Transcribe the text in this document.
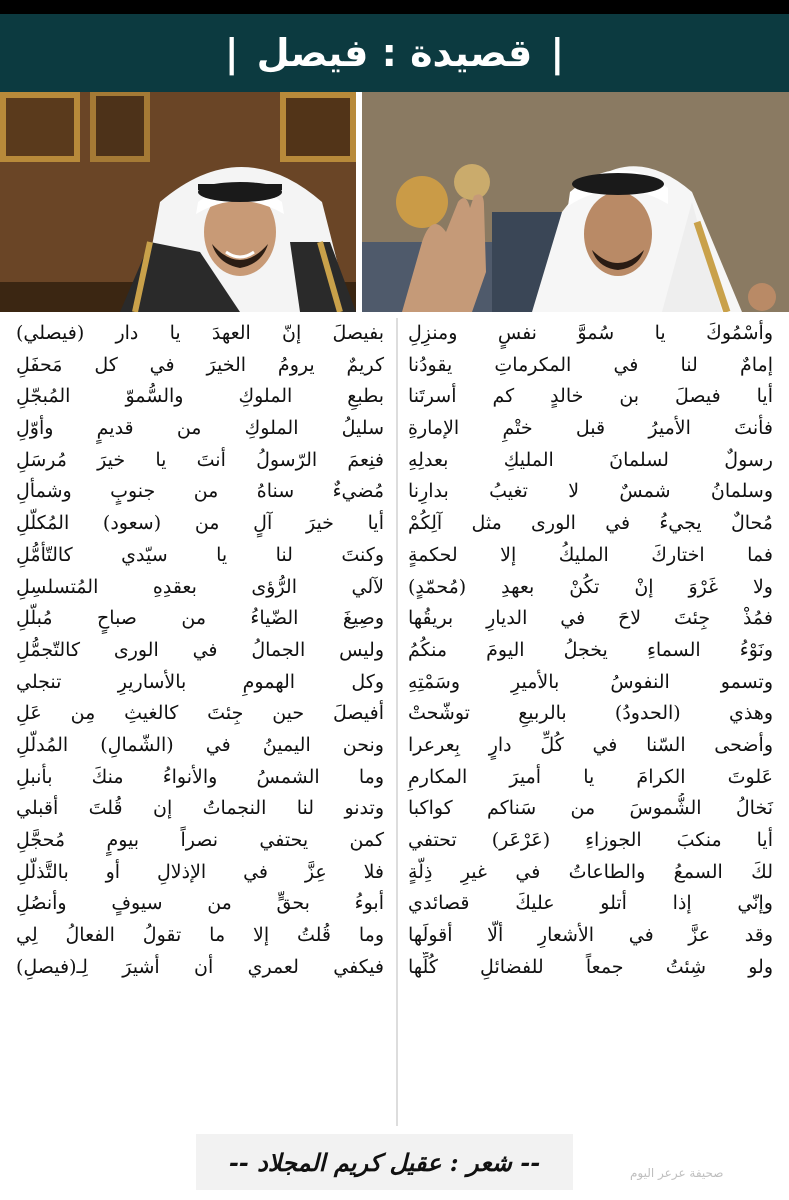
| قصيدة : فيصل |
بفيصلَ إنّ العهدَ يا دار (فيصلي)
كريمٌ يرومُ الخيرَ في كل مَحفَلِ
بطبعِ الملوكِ والسُّموّ المُبجّلِ
سليلُ الملوكِ من قديمٍ وأوّلِ
فنِعمَ الرّسولُ أنتَ يا خيرَ مُرسَلِ
مُضيءٌ سناهُ من جنوبٍ وشمألِ
أيا خيرَ آلٍ من (سعود) المُكلّلِ
وكنتَ لنا يا سيّدي كالتّأمُّلِ
لآلي الرُّؤى بعقدِهِ المُتسلسِلِ
وصِيغَ الضّياءُ من صباحٍ مُبلّلِ
وليس الجمالُ في الورى كالتّجمُّلِ
وكل الهمومِ بالأساريرِ تنجلي
أفيصلَ حين جِئتَ كالغيثِ مِن عَلِ
ونحن اليمينُ في (الشّمالِ) المُدلّلِ
وما الشمسُ والأنواءُ منكَ بأنبلِ
وتدنو لنا النجماتُ إن قُلتَ أقبلي
كمن يحتفي نصراً بيومٍ مُحجَّلِ
فلا عِزَّ في الإذلالِ أو بالتَّذلّلِ
أبوءُ بحقٍّ من سيوفٍ وأنصُلِ
وما قُلتُ إلا ما تقولُ الفعالُ لِي
فيكفي لعمري أن أشيرَ لِـ(فيصلِ)
وأسْمُوكَ يا سُموَّ نفسٍ ومنزِلِ
إمامٌ لنا في المكرماتِ يقودُنا
أيا فيصلَ بن خالدٍ كم أسرتَنا
فأنتَ الأميرُ قبل ختْمِ الإمارةِ
رسولٌ لسلمانَ المليكِ بعدلِهِ
وسلمانُ شمسٌ لا تغيبُ بدارِنا
مُحالٌ يجيءُ في الورى مثل آلِكُمْ
فما اختاركَ المليكُ إلا لحكمةٍ
ولا غَرْوَ إنْ تكُنْ بعهدِ (مُحمّدٍ)
فمُذْ جِئتَ لاحَ في الديارِ بريقُها
ونَوْءُ السماءِ يخجلُ اليومَ منكُمُ
وتسمو النفوسُ بالأميرِ وسَمْتِهِ
وهذي (الحدودُ) بالربيعِ توشّحتْ
وأضحى السّنا في كُلِّ دارٍ بِعرعرا
عَلوتَ الكرامَ يا أميرَ المكارمِ
نَخالُ الشُّموسَ من سَناكم كواكبا
أيا منكبَ الجوزاءِ (عَرْعَر) تحتفي
لكَ السمعُ والطاعاتُ في غيرِ ذِلّةٍ
وإنّي إذا أتلو عليكَ قصائدي
وقد عزَّ في الأشعارِ ألّا أقولَها
ولو شِئتُ جمعاً للفضائلِ كُلِّها
-- شعر : عقيل كريم المجلاد --	صحيفة عرعر اليوم
